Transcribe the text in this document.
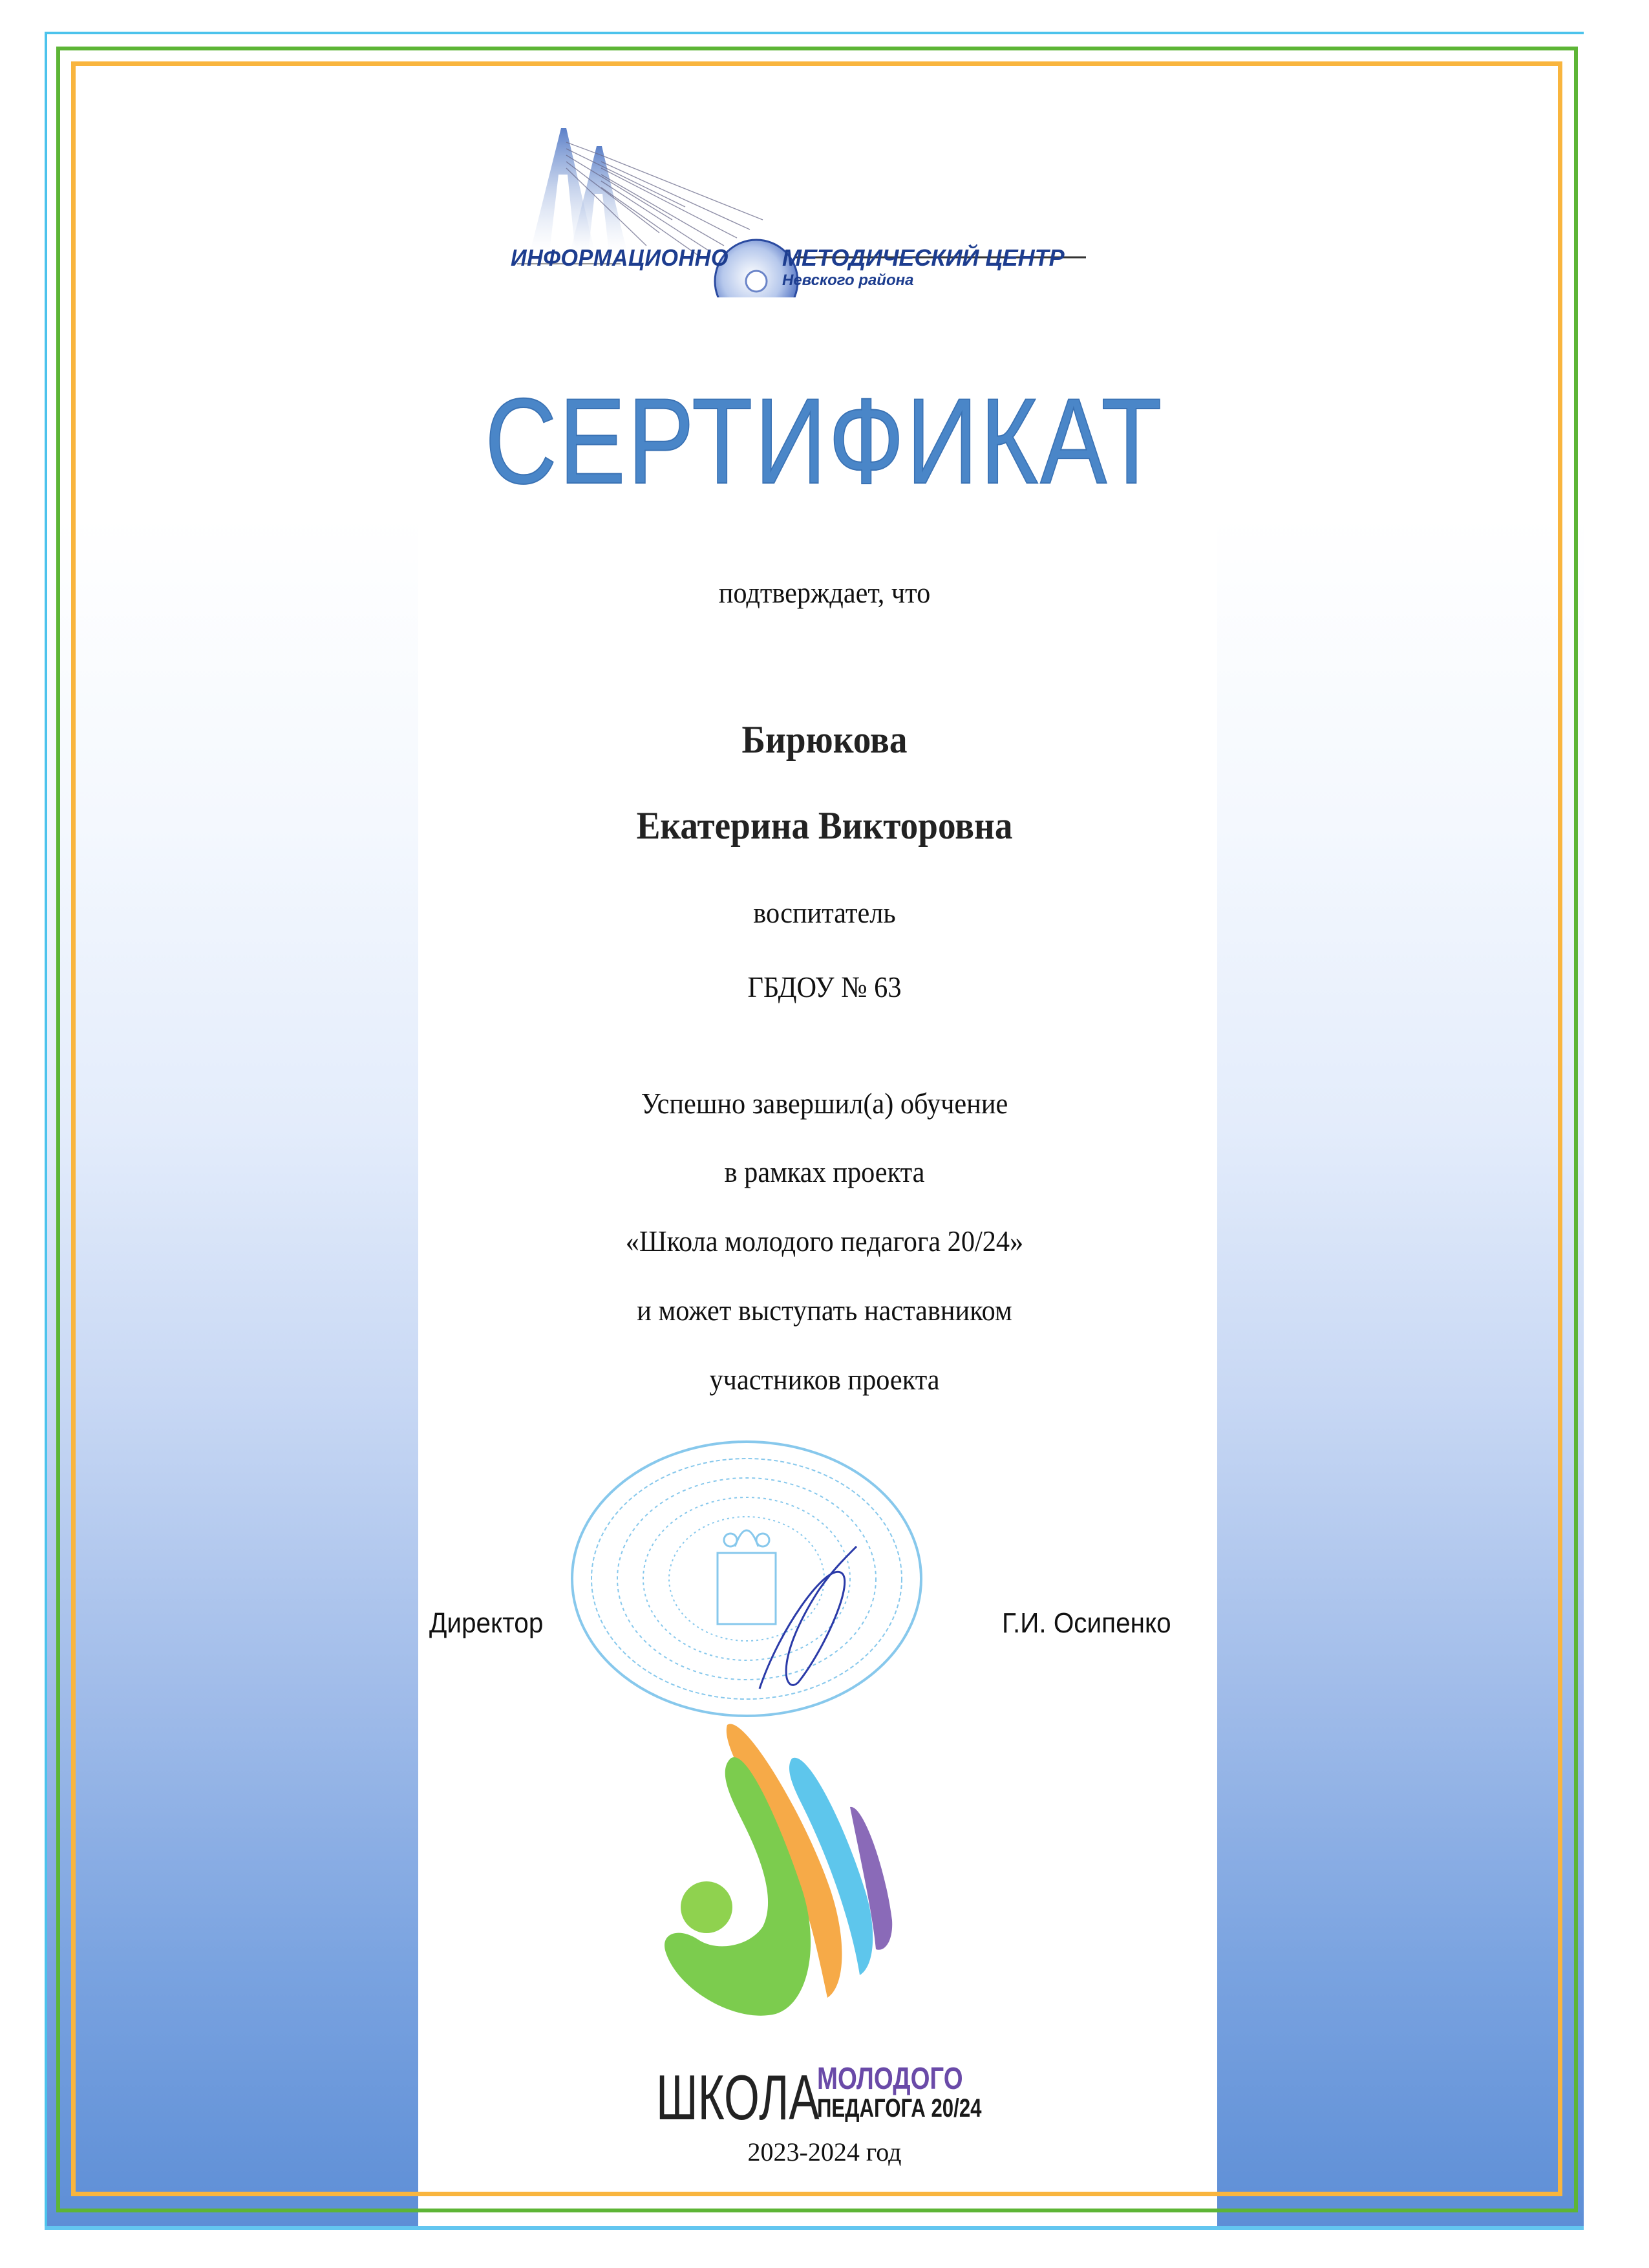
ИНФОРМАЦИОННО МЕТОДИЧЕСКИЙ ЦЕНТР
Невского района
СЕРТИФИКАТ
подтверждает, что
Бирюкова
Екатерина Викторовна
воспитатель
ГБДОУ № 63
Успешно завершил(а) обучение
в рамках проекта
«Школа молодого педагога 20/24»
и может выступать наставником
участников проекта
Директор	Г.И. Осипенко
ШКОЛА
МОЛОДОГО
ПЕДАГОГА 20/24
2023-2024 год
